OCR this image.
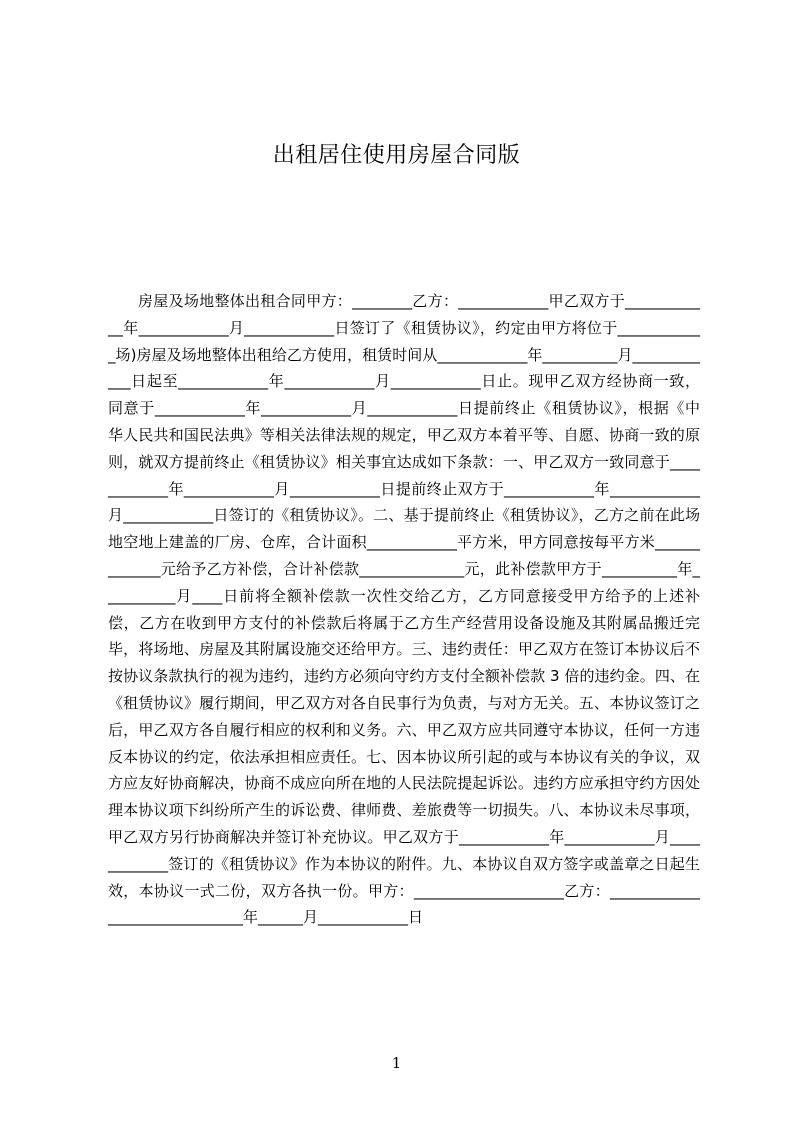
出租居住使用房屋合同版

房屋及场地整体出租合同甲方：________乙方：____________甲乙双方于____________年____________月____________日签订了《租赁协议》，约定由甲方将位于____________场)房屋及场地整体出租给乙方使用，租赁时间从____________年__________月____________日起至____________年____________月____________日止。现甲乙双方经协商一致，同意于____________年____________月____________日提前终止《租赁协议》，根据《中华人民共和国民法典》等相关法律法规的规定，甲乙双方本着平等、自愿、协商一致的原则，就双方提前终止《租赁协议》相关事宜达成如下条款：一、甲乙双方一致同意于____________年____________月____________日提前终止双方于____________年____________月____________日签订的《租赁协议》。二、基于提前终止《租赁协议》，乙方之前在此场地空地上建盖的厂房、仓库，合计面积____________平方米，甲方同意按每平方米_____________元给予乙方补偿，合计补偿款______________元，此补偿款甲方于__________年__________月____日前将全额补偿款一次性交给乙方，乙方同意接受甲方给予的上述补偿，乙方在收到甲方支付的补偿款后将属于乙方生产经营用设备设施及其附属品搬迁完毕，将场地、房屋及其附属设施交还给甲方。三、违约责任：甲乙双方在签订本协议后不按协议条款执行的视为违约，违约方必须向守约方支付全额补偿款 3 倍的违约金。四、在《租赁协议》履行期间，甲乙双方对各自民事行为负责，与对方无关。五、本协议签订之后，甲乙双方各自履行相应的权利和义务。六、甲乙双方应共同遵守本协议，任何一方违反本协议的约定，依法承担相应责任。七、因本协议所引起的或与本协议有关的争议，双方应友好协商解决，协商不成应向所在地的人民法院提起诉讼。违约方应承担守约方因处理本协议项下纠纷所产生的诉讼费、律师费、差旅费等一切损失。八、本协议未尽事项，甲乙双方另行协商解决并签订补充协议。甲乙双方于____________年____________月____________签订的《租赁协议》作为本协议的附件。九、本协议自双方签字或盖章之日起生效，本协议一式二份，双方各执一份。甲方：____________________乙方：______________________________年______月____________日

1
